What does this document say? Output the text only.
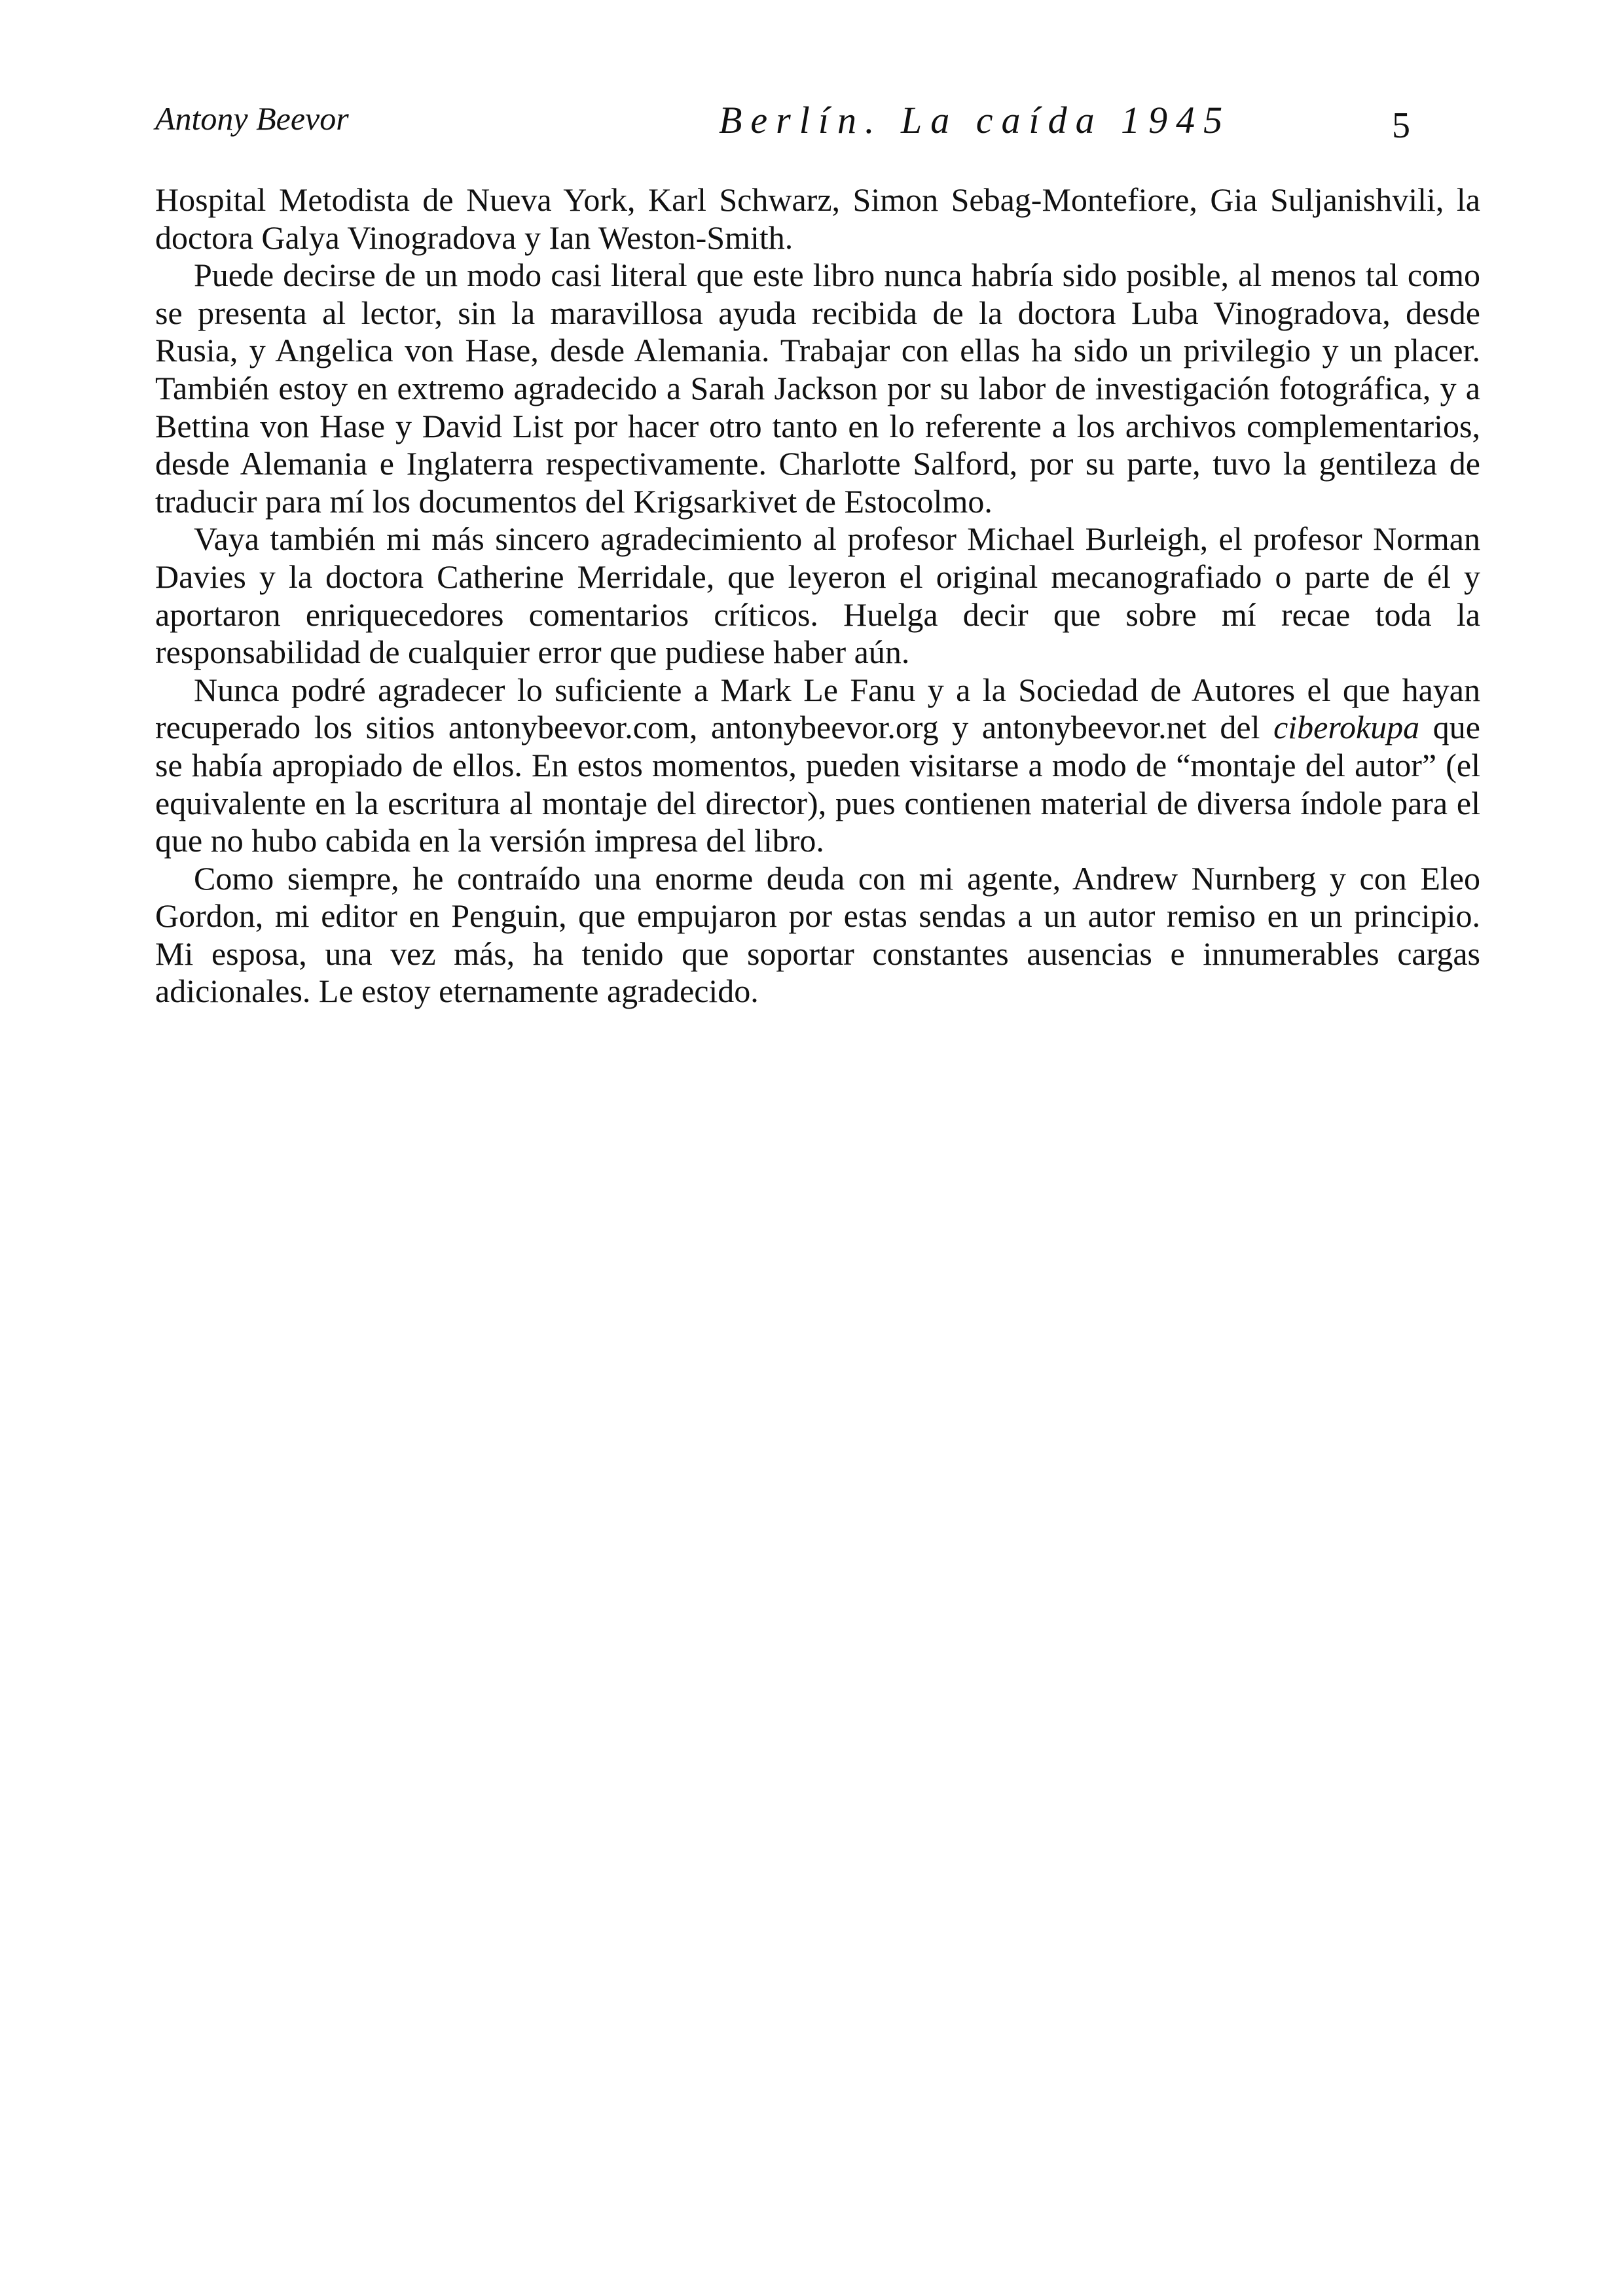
Antony Beevor	Berlín. La caída 1945	5
Hospital Metodista de Nueva York, Karl Schwarz, Simon Sebag-Montefiore, Gia Suljanishvili, la
doctora Galya Vinogradova y Ian Weston-Smith.
Puede decirse de un modo casi literal que este libro nunca habría sido posible, al menos tal como
se presenta al lector, sin la maravillosa ayuda recibida de la doctora Luba Vinogradova, desde
Rusia, y Angelica von Hase, desde Alemania. Trabajar con ellas ha sido un privilegio y un placer.
También estoy en extremo agradecido a Sarah Jackson por su labor de investigación fotográfica, y a
Bettina von Hase y David List por hacer otro tanto en lo referente a los archivos complementarios,
desde Alemania e Inglaterra respectivamente. Charlotte Salford, por su parte, tuvo la gentileza de
traducir para mí los documentos del Krigsarkivet de Estocolmo.
Vaya también mi más sincero agradecimiento al profesor Michael Burleigh, el profesor Norman
Davies y la doctora Catherine Merridale, que leyeron el original mecanografiado o parte de él y
aportaron enriquecedores comentarios críticos. Huelga decir que sobre mí recae toda la
responsabilidad de cualquier error que pudiese haber aún.
Nunca podré agradecer lo suficiente a Mark Le Fanu y a la Sociedad de Autores el que hayan
recuperado los sitios antonybeevor.com, antonybeevor.org y antonybeevor.net del ciberokupa que
se había apropiado de ellos. En estos momentos, pueden visitarse a modo de “montaje del autor” (el
equivalente en la escritura al montaje del director), pues contienen material de diversa índole para el
que no hubo cabida en la versión impresa del libro.
Como siempre, he contraído una enorme deuda con mi agente, Andrew Nurnberg y con Eleo
Gordon, mi editor en Penguin, que empujaron por estas sendas a un autor remiso en un principio.
Mi esposa, una vez más, ha tenido que soportar constantes ausencias e innumerables cargas
adicionales. Le estoy eternamente agradecido.
